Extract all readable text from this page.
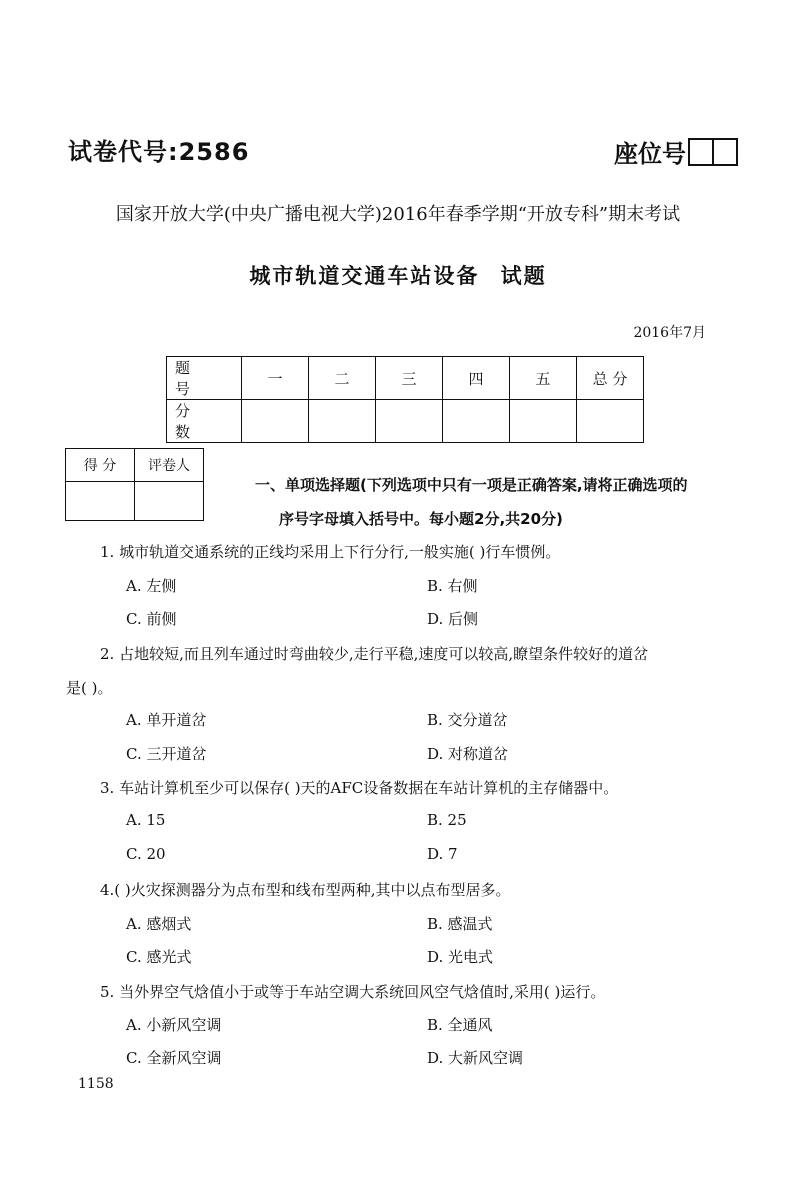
试卷代号:2586	座位号
国家开放大学(中央广播电视大学)2016年春季学期“开放专科”期末考试
城市轨道交通车站设备 试题
2016年7月
题 号	一	二	三	四	五	总 分
分 数						
得 分	评卷人

一、单项选择题(下列选项中只有一项是正确答案,请将正确选项的
序号字母填入括号中。每小题2分,共20分)
1. 城市轨道交通系统的正线均采用上下行分行,一般实施( )行车惯例。
A. 左侧	B. 右侧
C. 前侧	D. 后侧
2. 占地较短,而且列车通过时弯曲较少,走行平稳,速度可以较高,瞭望条件较好的道岔
是( )。
A. 单开道岔	B. 交分道岔
C. 三开道岔	D. 对称道岔
3. 车站计算机至少可以保存( )天的AFC设备数据在车站计算机的主存储器中。
A. 15	B. 25
C. 20	D. 7
4.( )火灾探测器分为点布型和线布型两种,其中以点布型居多。
A. 感烟式	B. 感温式
C. 感光式	D. 光电式
5. 当外界空气焓值小于或等于车站空调大系统回风空气焓值时,采用( )运行。
A. 小新风空调	B. 全通风
C. 全新风空调	D. 大新风空调
1158
